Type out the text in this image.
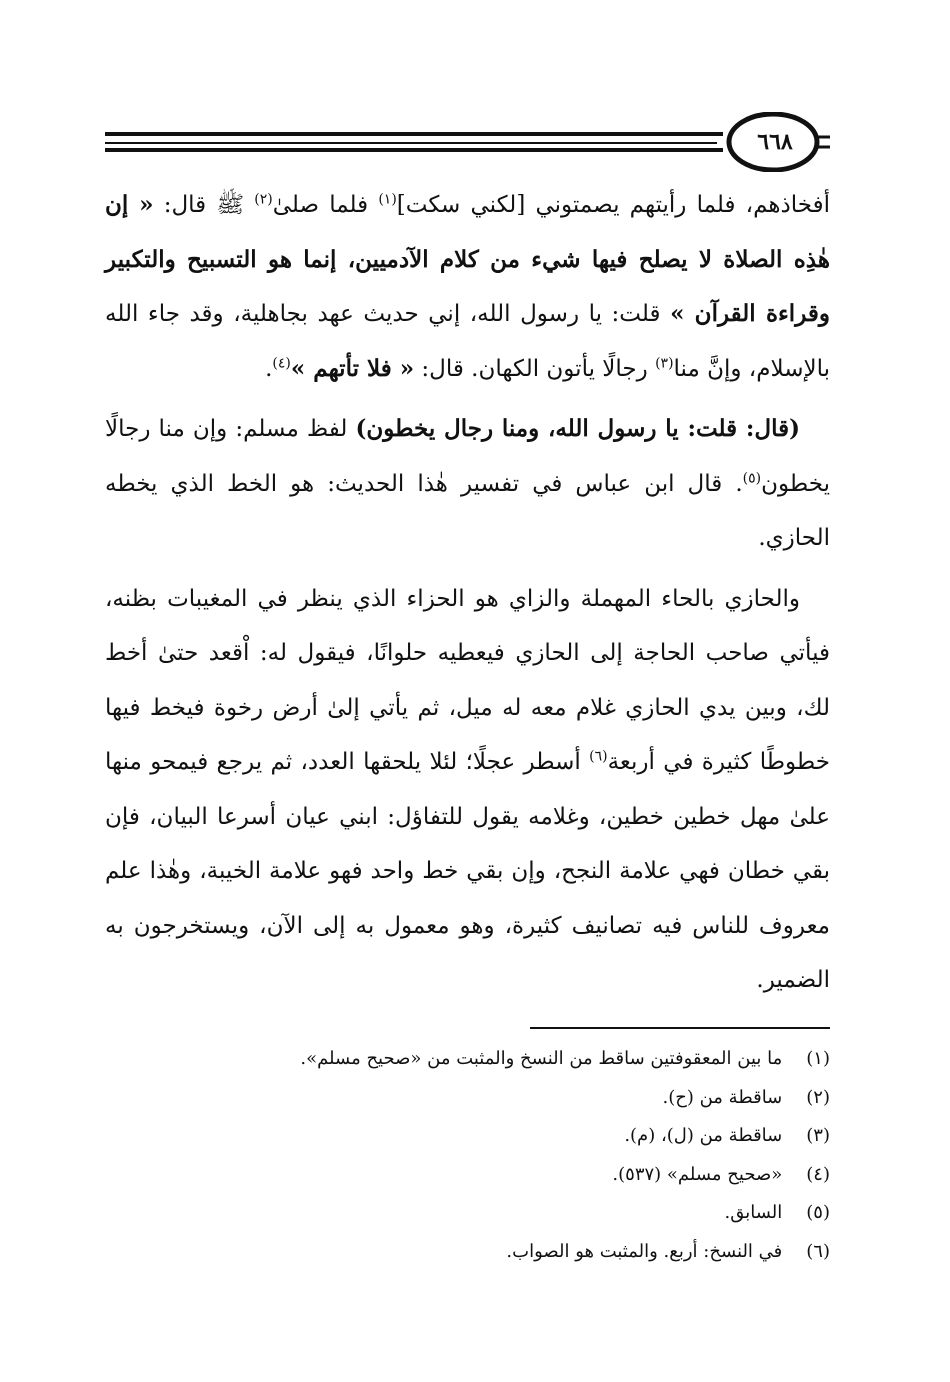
٦٦٨

أفخاذهم، فلما رأيتهم يصمتوني [لكني سكت]$^{(١)}$ فلما صلىٰ$^{(٢)}$ ﷺ قال: « إن هٰذِه الصلاة لا يصلح فيها شيء من كلام الآدميين، إنما هو التسبيح والتكبير وقراءة القرآن » قلت: يا رسول الله، إني حديث عهد بجاهلية، وقد جاء الله بالإسلام، وإنَّ منا$^{(٣)}$ رجالًا يأتون الكهان. قال: « فلا تأتهم »$^{(٤)}$.

(قال: قلت: يا رسول الله، ومنا رجال يخطون) لفظ مسلم: وإن منا رجالًا يخطون$^{(٥)}$. قال ابن عباس في تفسير هٰذا الحديث: هو الخط الذي يخطه الحازي.

والحازي بالحاء المهملة والزاي هو الحزاء الذي ينظر في المغيبات بظنه، فيأتي صاحب الحاجة إلى الحازي فيعطيه حلوانًا، فيقول له: اْقعد حتىٰ أخط لك، وبين يدي الحازي غلام معه له ميل، ثم يأتي إلىٰ أرض رخوة فيخط فيها خطوطًا كثيرة في أربعة$^{(٦)}$ أسطر عجلًا؛ لئلا يلحقها العدد، ثم يرجع فيمحو منها علىٰ مهل خطين خطين، وغلامه يقول للتفاؤل: ابني عيان أسرعا البيان، فإن بقي خطان فهي علامة النجح، وإن بقي خط واحد فهو علامة الخيبة، وهٰذا علم معروف للناس فيه تصانيف كثيرة، وهو معمول به إلى الآن، ويستخرجون به الضمير.

(١) ما بين المعقوفتين ساقط من النسخ والمثبت من «صحيح مسلم».
(٢) ساقطة من (ح).
(٣) ساقطة من (ل)، (م).
(٤) «صحيح مسلم» (٥٣٧).
(٥) السابق.
(٦) في النسخ: أربع. والمثبت هو الصواب.
